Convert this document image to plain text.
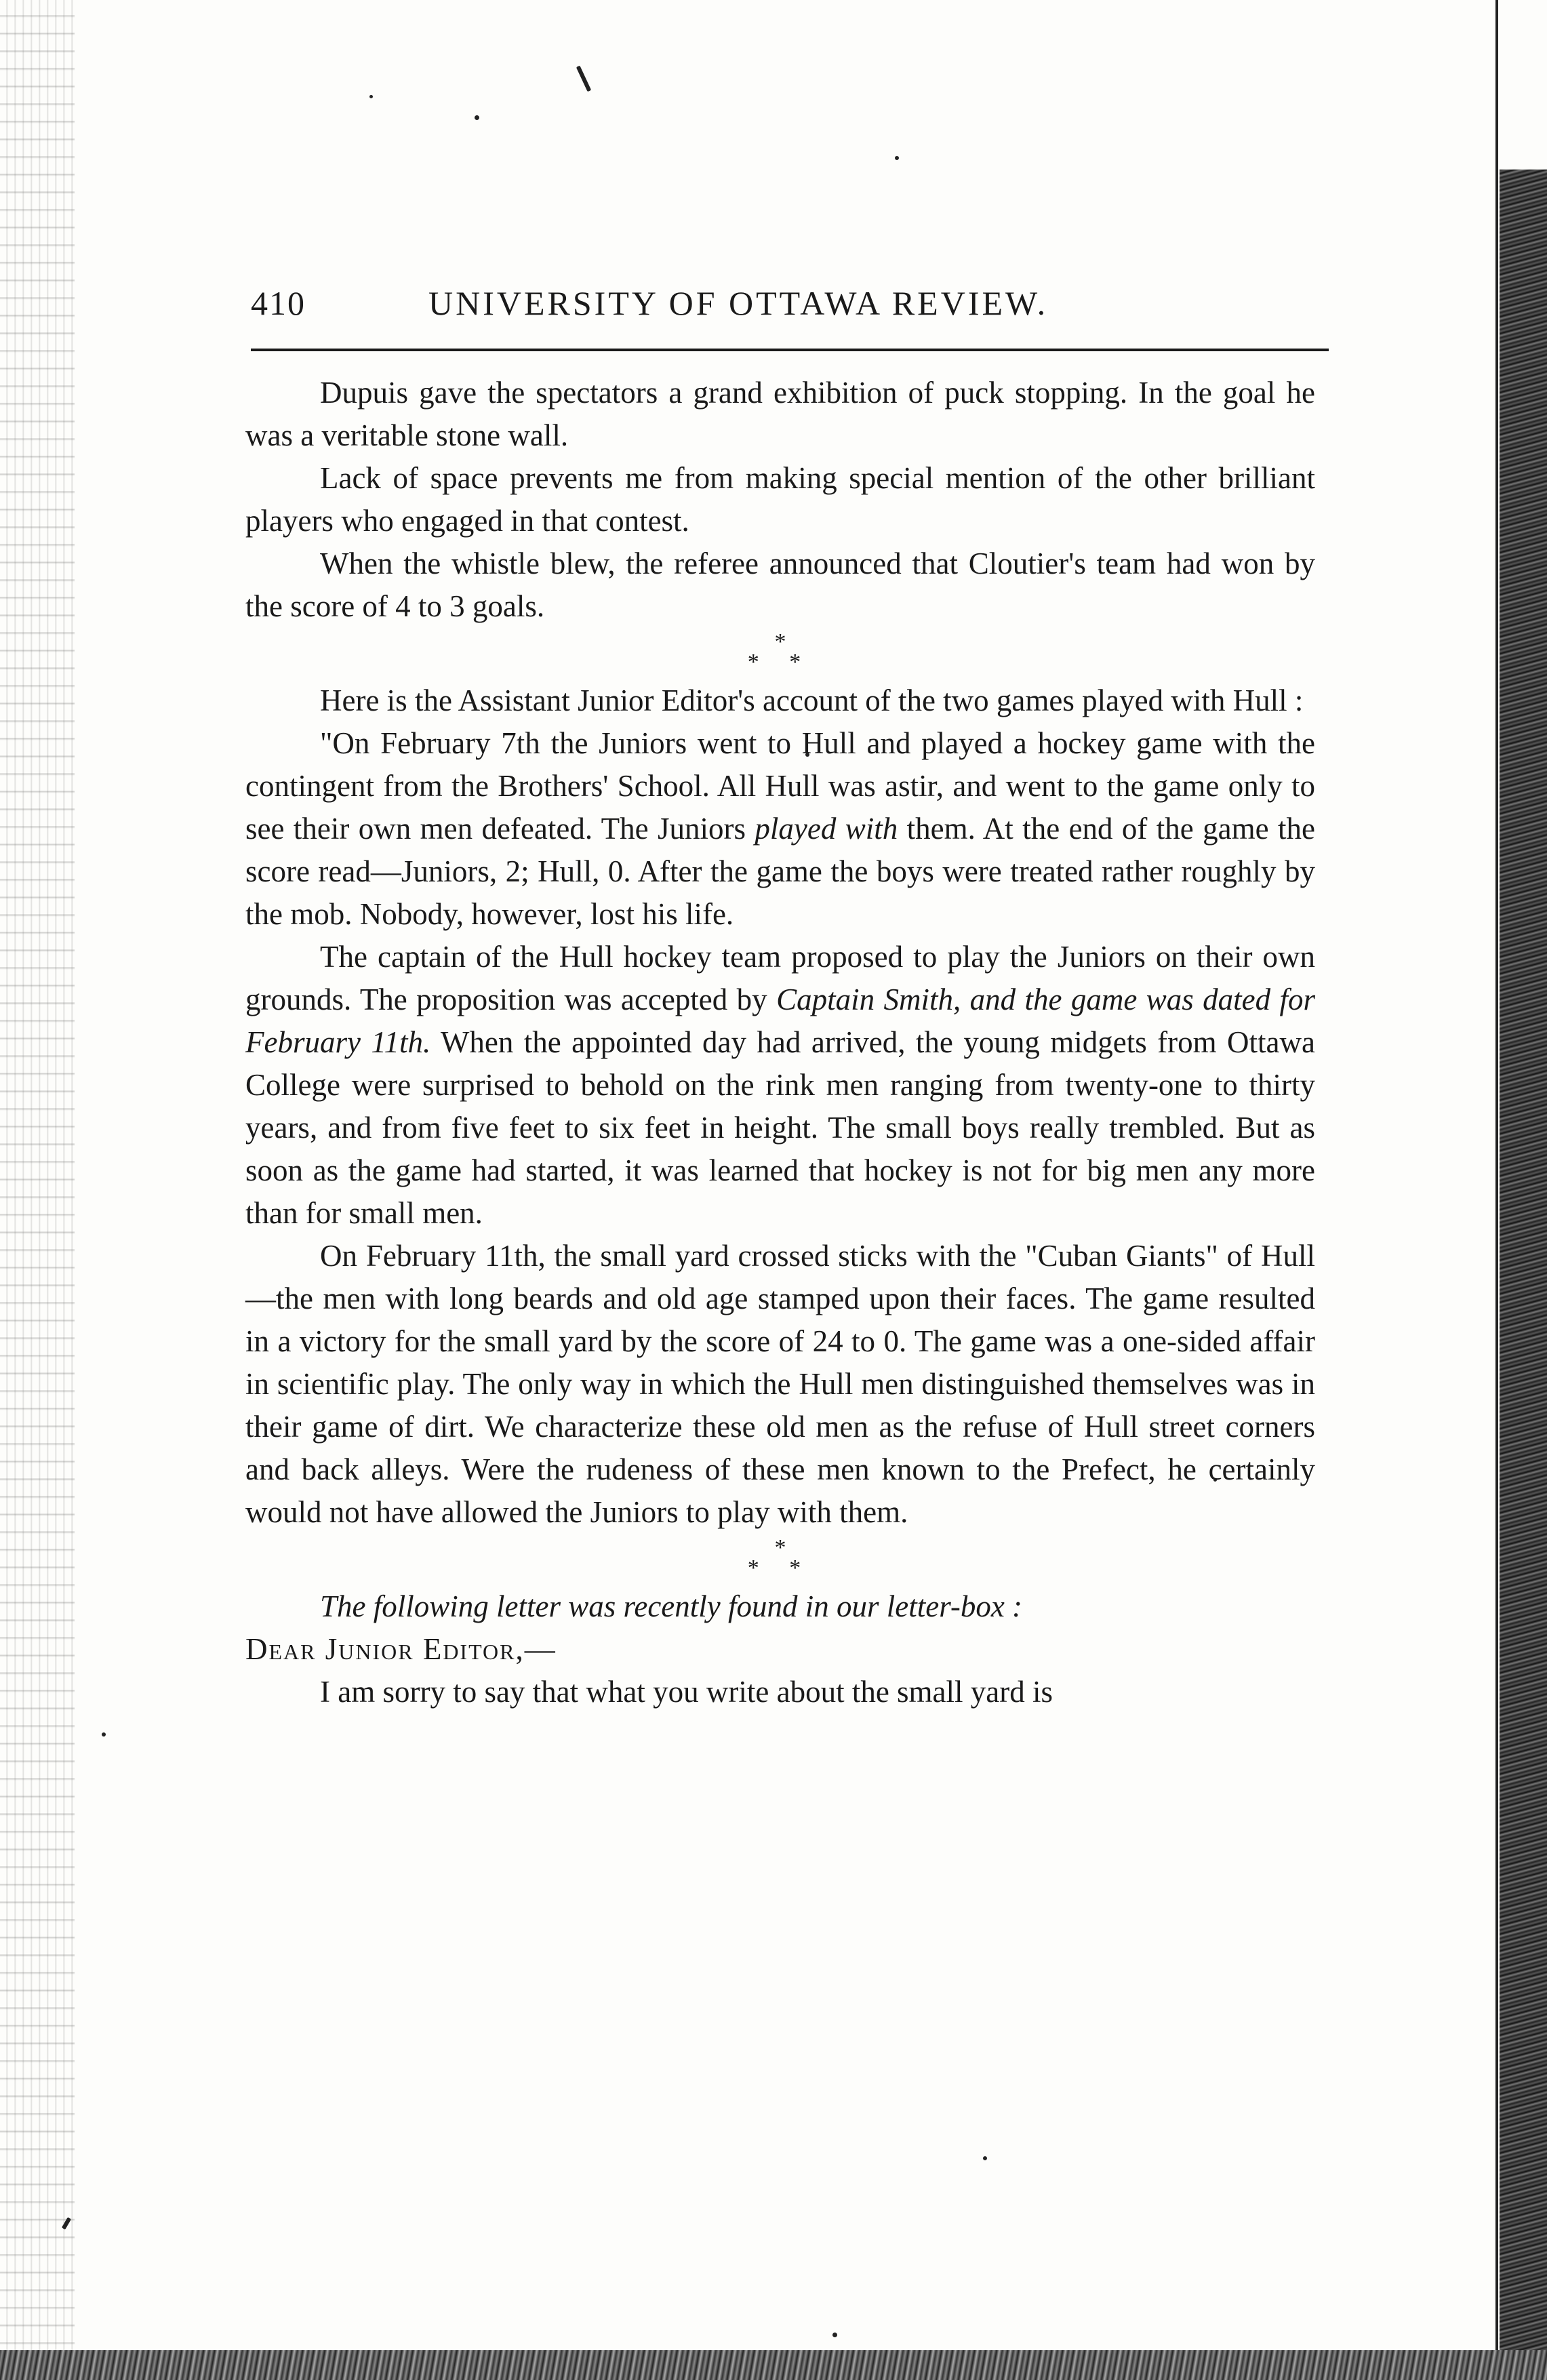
410	UNIVERSITY OF OTTAWA REVIEW.

Dupuis gave the spectators a grand exhibition of puck stopping. In the goal he was a veritable stone wall.

Lack of space prevents me from making special mention of the other brilliant players who engaged in that contest.

When the whistle blew, the referee announced that Cloutier's team had won by the score of 4 to 3 goals.

*
* *

Here is the Assistant Junior Editor's account of the two games played with Hull :

"On February 7th the Juniors went to Hull and played a hockey game with the contingent from the Brothers' School. All Hull was astir, and went to the game only to see their own men defeated. The Juniors played with them. At the end of the game the score read—Juniors, 2; Hull, 0. After the game the boys were treated rather roughly by the mob. Nobody, however, lost his life.

The captain of the Hull hockey team proposed to play the Juniors on their own grounds. The proposition was accepted by Captain Smith, and the game was dated for February 11th. When the appointed day had arrived, the young midgets from Ottawa College were surprised to behold on the rink men ranging from twenty-one to thirty years, and from five feet to six feet in height. The small boys really trembled. But as soon as the game had started, it was learned that hockey is not for big men any more than for small men.

On February 11th, the small yard crossed sticks with the "Cuban Giants" of Hull—the men with long beards and old age stamped upon their faces. The game resulted in a victory for the small yard by the score of 24 to 0. The game was a one-sided affair in scientific play. The only way in which the Hull men distinguished themselves was in their game of dirt. We characterize these old men as the refuse of Hull street corners and back alleys. Were the rudeness of these men known to the Prefect, he certainly would not have allowed the Juniors to play with them.

*
* *

The following letter was recently found in our letter-box :

Dear Junior Editor,—

I am sorry to say that what you write about the small yard is
